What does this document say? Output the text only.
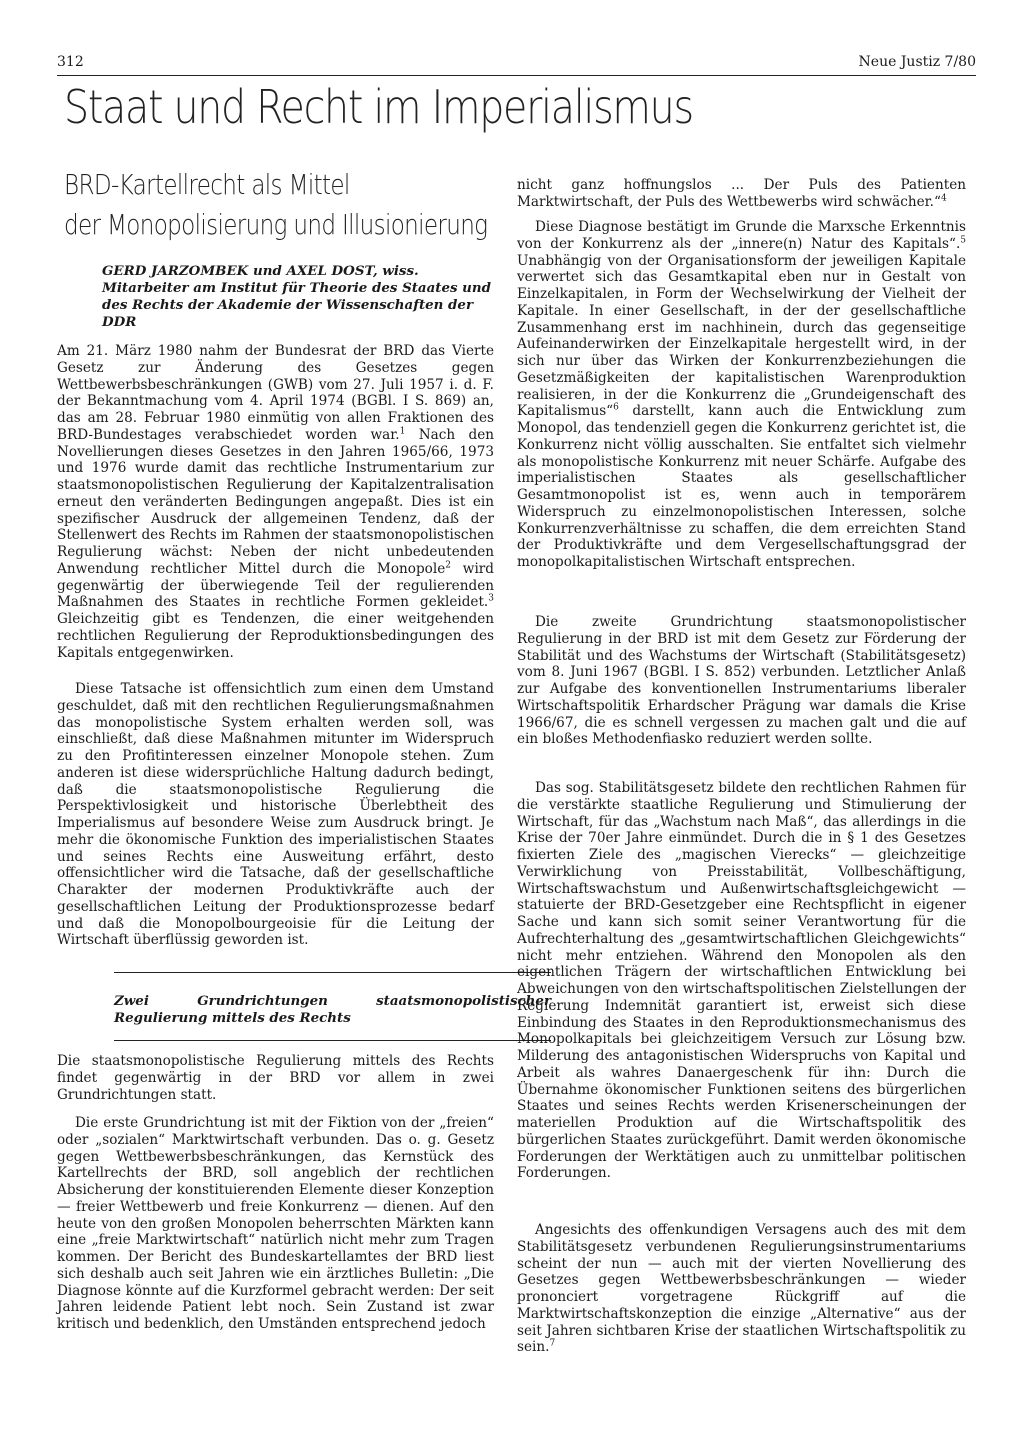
312	Neue Justiz 7/80
Staat und Recht im Imperialismus
BRD-Kartellrecht als Mittel
der Monopolisierung und Illusionierung
GERD JARZOMBEK und AXEL DOST, wiss. Mitarbeiter am Institut für Theorie des Staates und des Rechts der Akademie der Wissenschaften der DDR

Am 21. März 1980 nahm der Bundesrat der BRD das Vierte Gesetz zur Änderung des Gesetzes gegen Wettbewerbsbeschränkungen (GWB) vom 27. Juli 1957 i. d. F. der Bekanntmachung vom 4. April 1974 (BGBl. I S. 869) an, das am 28. Februar 1980 einmütig von allen Fraktionen des BRD-Bundestages verabschiedet worden war.$^1$ Nach den Novellierungen dieses Gesetzes in den Jahren 1965/66, 1973 und 1976 wurde damit das rechtliche Instrumentarium zur staatsmonopolistischen Regulierung der Kapitalzentralisation erneut den veränderten Bedingungen angepaßt. Dies ist ein spezifischer Ausdruck der allgemeinen Tendenz, daß der Stellenwert des Rechts im Rahmen der staatsmonopolistischen Regulierung wächst: Neben der nicht unbedeutenden Anwendung rechtlicher Mittel durch die Monopole$^2$ wird gegenwärtig der überwiegende Teil der regulierenden Maßnahmen des Staates in rechtliche Formen gekleidet.$^3$ Gleichzeitig gibt es Tendenzen, die einer weitgehenden rechtlichen Regulierung der Reproduktionsbedingungen des Kapitals entgegenwirken.

Diese Tatsache ist offensichtlich zum einen dem Umstand geschuldet, daß mit den rechtlichen Regulierungsmaßnahmen das monopolistische System erhalten werden soll, was einschließt, daß diese Maßnahmen mitunter im Widerspruch zu den Profitinteressen einzelner Monopole stehen. Zum anderen ist diese widersprüchliche Haltung dadurch bedingt, daß die staatsmonopolistische Regulierung die Perspektivlosigkeit und historische Überlebtheit des Imperialismus auf besondere Weise zum Ausdruck bringt. Je mehr die ökonomische Funktion des imperialistischen Staates und seines Rechts eine Ausweitung erfährt, desto offensichtlicher wird die Tatsache, daß der gesellschaftliche Charakter der modernen Produktivkräfte auch der gesellschaftlichen Leitung der Produktionsprozesse bedarf und daß die Monopolbourgeoisie für die Leitung der Wirtschaft überflüssig geworden ist.

Zwei Grundrichtungen staatsmonopolistischer Regulierung mittels des Rechts

Die staatsmonopolistische Regulierung mittels des Rechts findet gegenwärtig in der BRD vor allem in zwei Grundrichtungen statt.

Die erste Grundrichtung ist mit der Fiktion von der „freien“ oder „sozialen“ Marktwirtschaft verbunden. Das o. g. Gesetz gegen Wettbewerbsbeschränkungen, das Kernstück des Kartellrechts der BRD, soll angeblich der rechtlichen Absicherung der konstituierenden Elemente dieser Konzeption — freier Wettbewerb und freie Konkurrenz — dienen. Auf den heute von den großen Monopolen beherrschten Märkten kann eine „freie Marktwirtschaft“ natürlich nicht mehr zum Tragen kommen. Der Bericht des Bundeskartellamtes der BRD liest sich deshalb auch seit Jahren wie ein ärztliches Bulletin: „Die Diagnose könnte auf die Kurzformel gebracht werden: Der seit Jahren leidende Patient lebt noch. Sein Zustand ist zwar kritisch und bedenklich, den Umständen entsprechend jedoch

nicht ganz hoffnungslos ... Der Puls des Patienten Marktwirtschaft, der Puls des Wettbewerbs wird schwächer.“$^4$

Diese Diagnose bestätigt im Grunde die Marxsche Erkenntnis von der Konkurrenz als der „innere(n) Natur des Kapitals“.$^5$ Unabhängig von der Organisationsform der jeweiligen Kapitale verwertet sich das Gesamtkapital eben nur in Gestalt von Einzelkapitalen, in Form der Wechselwirkung der Vielheit der Kapitale. In einer Gesellschaft, in der der gesellschaftliche Zusammenhang erst im nachhinein, durch das gegenseitige Aufeinanderwirken der Einzelkapitale hergestellt wird, in der sich nur über das Wirken der Konkurrenzbeziehungen die Gesetzmäßigkeiten der kapitalistischen Warenproduktion realisieren, in der die Konkurrenz die „Grundeigenschaft des Kapitalismus“$^6$ darstellt, kann auch die Entwicklung zum Monopol, das tendenziell gegen die Konkurrenz gerichtet ist, die Konkurrenz nicht völlig ausschalten. Sie entfaltet sich vielmehr als monopolistische Konkurrenz mit neuer Schärfe. Aufgabe des imperialistischen Staates als gesellschaftlicher Gesamtmonopolist ist es, wenn auch in temporärem Widerspruch zu einzelmonopolistischen Interessen, solche Konkurrenzverhältnisse zu schaffen, die dem erreichten Stand der Produktivkräfte und dem Vergesellschaftungsgrad der monopolkapitalistischen Wirtschaft entsprechen.

Die zweite Grundrichtung staatsmonopolistischer Regulierung in der BRD ist mit dem Gesetz zur Förderung der Stabilität und des Wachstums der Wirtschaft (Stabilitätsgesetz) vom 8. Juni 1967 (BGBl. I S. 852) verbunden. Letztlicher Anlaß zur Aufgabe des konventionellen Instrumentariums liberaler Wirtschaftspolitik Erhardscher Prägung war damals die Krise 1966/67, die es schnell vergessen zu machen galt und die auf ein bloßes Methodenfiasko reduziert werden sollte.

Das sog. Stabilitätsgesetz bildete den rechtlichen Rahmen für die verstärkte staatliche Regulierung und Stimulierung der Wirtschaft, für das „Wachstum nach Maß“, das allerdings in die Krise der 70er Jahre einmündet. Durch die in § 1 des Gesetzes fixierten Ziele des „magischen Vierecks“ — gleichzeitige Verwirklichung von Preisstabilität, Vollbeschäftigung, Wirtschaftswachstum und Außenwirtschaftsgleichgewicht — statuierte der BRD-Gesetzgeber eine Rechtspflicht in eigener Sache und kann sich somit seiner Verantwortung für die Aufrechterhaltung des „gesamtwirtschaftlichen Gleichgewichts“ nicht mehr entziehen. Während den Monopolen als den eigentlichen Trägern der wirtschaftlichen Entwicklung bei Abweichungen von den wirtschaftspolitischen Zielstellungen der Regierung Indemnität garantiert ist, erweist sich diese Einbindung des Staates in den Reproduktionsmechanismus des Monopolkapitals bei gleichzeitigem Versuch zur Lösung bzw. Milderung des antagonistischen Widerspruchs von Kapital und Arbeit als wahres Danaergeschenk für ihn: Durch die Übernahme ökonomischer Funktionen seitens des bürgerlichen Staates und seines Rechts werden Krisenerscheinungen der materiellen Produktion auf die Wirtschaftspolitik des bürgerlichen Staates zurückgeführt. Damit werden ökonomische Forderungen der Werktätigen auch zu unmittelbar politischen Forderungen.

Angesichts des offenkundigen Versagens auch des mit dem Stabilitätsgesetz verbundenen Regulierungsinstrumentariums scheint der nun — auch mit der vierten Novellierung des Gesetzes gegen Wettbewerbsbeschränkungen — wieder prononciert vorgetragene Rückgriff auf die Marktwirtschaftskonzeption die einzige „Alternative“ aus der seit Jahren sichtbaren Krise der staatlichen Wirtschaftspolitik zu sein.$^7$
